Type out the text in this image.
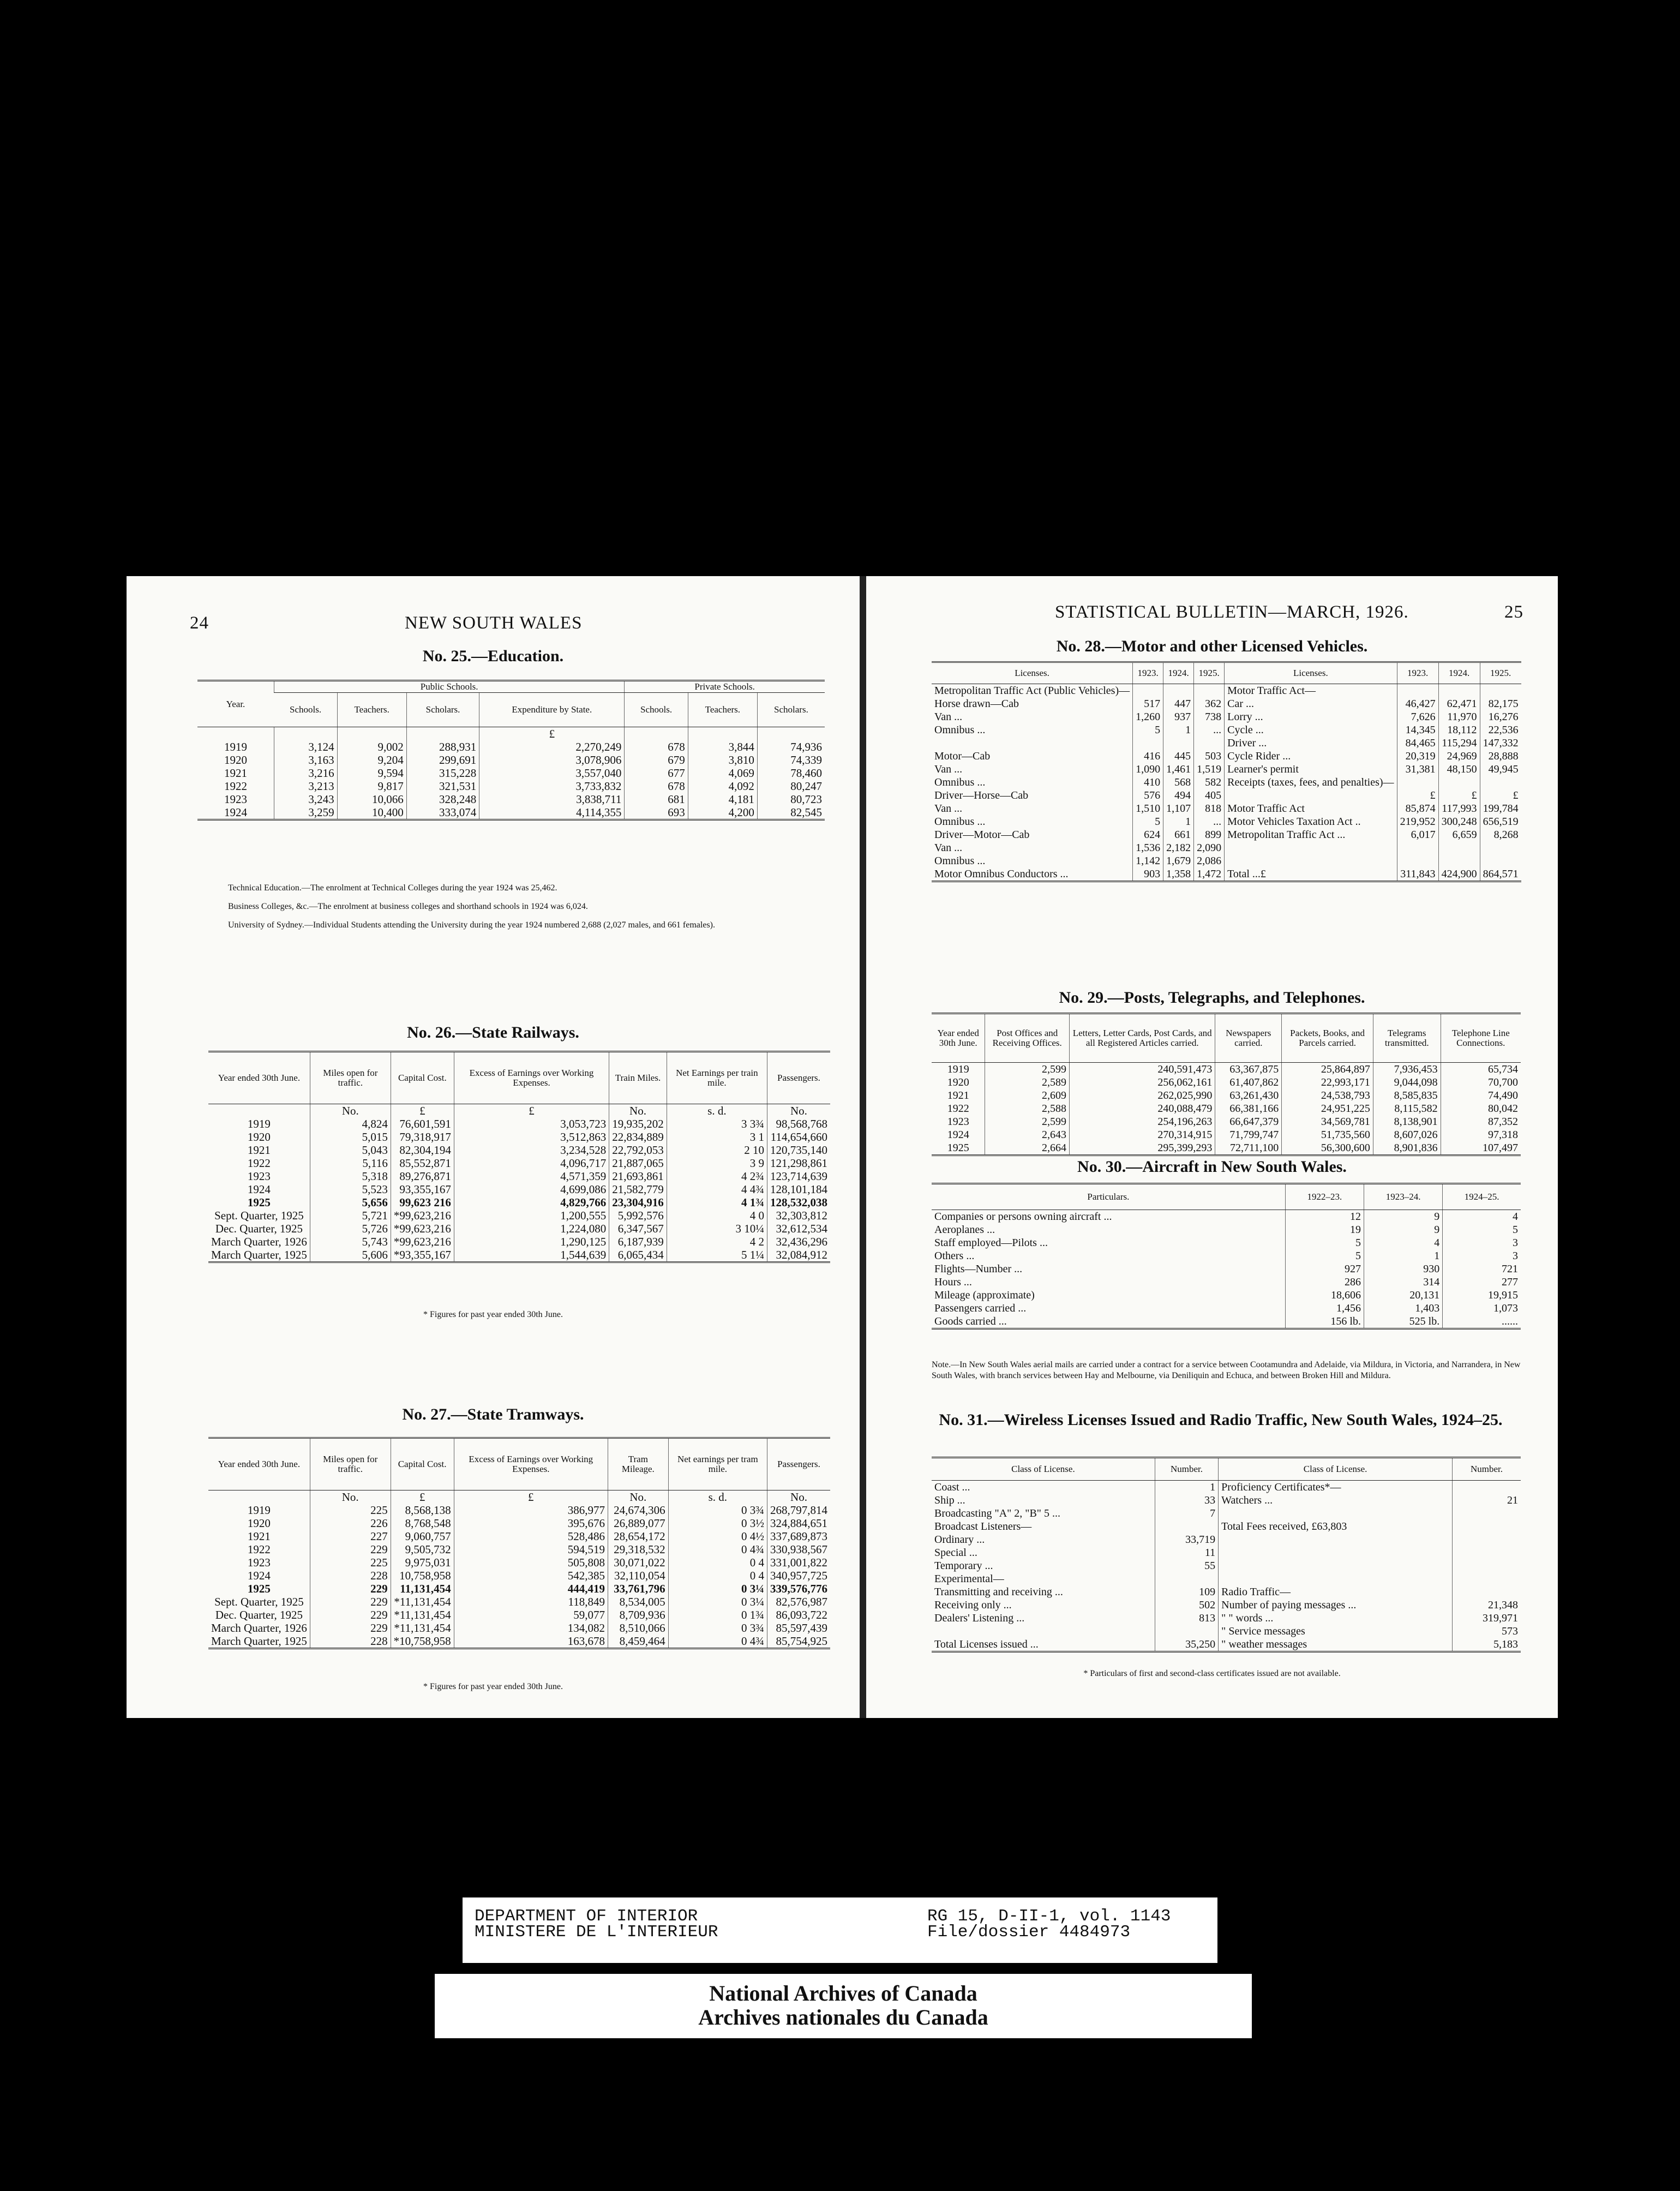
24	NEW SOUTH WALES
No. 25.—Education.
Year.	Public Schools.				Private Schools.		
	Schools.	Teachers.	Scholars.	Expenditure by State.	Schools.	Teachers.	Scholars.
				£			
1919	3,124	9,002	288,931	2,270,249	678	3,844	74,936
1920	3,163	9,204	299,691	3,078,906	679	3,810	74,339
1921	3,216	9,594	315,228	3,557,040	677	4,069	78,460
1922	3,213	9,817	321,531	3,733,832	678	4,092	80,247
1923	3,243	10,066	328,248	3,838,711	681	4,181	80,723
1924	3,259	10,400	333,074	4,114,355	693	4,200	82,545
Technical Education.—The enrolment at Technical Colleges during the year 1924 was 25,462.
Business Colleges, &c.—The enrolment at business colleges and shorthand schools in 1924 was 6,024.
University of Sydney.—Individual Students attending the University during the year 1924 numbered 2,688 (2,027 males, and 661 females).
No. 26.—State Railways.
Year ended 30th June.	Miles open for traffic.	Capital Cost.	Excess of Earnings over Working Expenses.	Train Miles.	Net Earnings per train mile.	Passengers.
	No.	£	£	No.	s. d.	No.
1919	4,824	76,601,591	3,053,723	19,935,202	3 3¾	98,568,768
1920	5,015	79,318,917	3,512,863	22,834,889	3 1	114,654,660
1921	5,043	82,304,194	3,234,528	22,792,053	2 10	120,735,140
1922	5,116	85,552,871	4,096,717	21,887,065	3 9	121,298,861
1923	5,318	89,276,871	4,571,359	21,693,861	4 2¾	123,714,639
1924	5,523	93,355,167	4,699,086	21,582,779	4 4¾	128,101,184
1925	5,656	99,623 216	4,829,766	23,304,916	4 1¾	128,532,038
Sept. Quarter, 1925	5,721	*99,623,216	1,200,555	5,992,576	4 0	32,303,812
Dec. Quarter, 1925	5,726	*99,623,216	1,224,080	6,347,567	3 10¼	32,612,534
March Quarter, 1926	5,743	*99,623,216	1,290,125	6,187,939	4 2	32,436,296
March Quarter, 1925	5,606	*93,355,167	1,544,639	6,065,434	5 1¼	32,084,912
* Figures for past year ended 30th June.
No. 27.—State Tramways.
Year ended 30th June.	Miles open for traffic.	Capital Cost.	Excess of Earnings over Working Expenses.	Tram Mileage.	Net earnings per tram mile.	Passengers.
	No.	£	£	No.	s. d.	No.
1919	225	8,568,138	386,977	24,674,306	0 3¾	268,797,814
1920	226	8,768,548	395,676	26,889,077	0 3½	324,884,651
1921	227	9,060,757	528,486	28,654,172	0 4½	337,689,873
1922	229	9,505,732	594,519	29,318,532	0 4¾	330,938,567
1923	225	9,975,031	505,808	30,071,022	0 4	331,001,822
1924	228	10,758,958	542,385	32,110,054	0 4	340,957,725
1925	229	11,131,454	444,419	33,761,796	0 3¼	339,576,776
Sept. Quarter, 1925	229	*11,131,454	118,849	8,534,005	0 3¼	82,576,987
Dec. Quarter, 1925	229	*11,131,454	59,077	8,709,936	0 1¾	86,093,722
March Quarter, 1926	229	*11,131,454	134,082	8,510,066	0 3¾	85,597,439
March Quarter, 1925	228	*10,758,958	163,678	8,459,464	0 4¾	85,754,925
* Figures for past year ended 30th June.
STATISTICAL BULLETIN—MARCH, 1926.	25
No. 28.—Motor and other Licensed Vehicles.
Licenses.	1923.	1924.	1925.	Licenses.	1923.	1924.	1925.
Metropolitan Traffic Act (Public Vehicles)—				Motor Traffic Act—			
Horse drawn—Cab	517	447	362	Car ...	46,427	62,471	82,175
Van ...	1,260	937	738	Lorry ...	7,626	11,970	16,276
Omnibus ...	5	1	...	Cycle ...	14,345	18,112	22,536
				Driver ...	84,465	115,294	147,332
Motor—Cab	416	445	503	Cycle Rider ...	20,319	24,969	28,888
Van ...	1,090	1,461	1,519	Learner's permit	31,381	48,150	49,945
Omnibus ...	410	568	582	Receipts (taxes, fees, and penalties)—			
Driver—Horse—Cab	576	494	405		£	£	£
Van ...	1,510	1,107	818	Motor Traffic Act	85,874	117,993	199,784
Omnibus ...	5	1	...	Motor Vehicles Taxation Act ..	219,952	300,248	656,519
Driver—Motor—Cab	624	661	899	Metropolitan Traffic Act ...	6,017	6,659	8,268
Van ...	1,536	2,182	2,090				
Omnibus ...	1,142	1,679	2,086				
Motor Omnibus Conductors ...	903	1,358	1,472	Total ...£	311,843	424,900	864,571
No. 29.—Posts, Telegraphs, and Telephones.
Year ended 30th June.	Post Offices and Receiving Offices.	Letters, Letter Cards, Post Cards, and all Registered Articles carried.	Newspapers carried.	Packets, Books, and Parcels carried.	Telegrams transmitted.	Telephone Line Connections.
1919	2,599	240,591,473	63,367,875	25,864,897	7,936,453	65,734
1920	2,589	256,062,161	61,407,862	22,993,171	9,044,098	70,700
1921	2,609	262,025,990	63,261,430	24,538,793	8,585,835	74,490
1922	2,588	240,088,479	66,381,166	24,951,225	8,115,582	80,042
1923	2,599	254,196,263	66,647,379	34,569,781	8,138,901	87,352
1924	2,643	270,314,915	71,799,747	51,735,560	8,607,026	97,318
1925	2,664	295,399,293	72,711,100	56,300,600	8,901,836	107,497
No. 30.—Aircraft in New South Wales.
Particulars.	1922–23.	1923–24.	1924–25.
Companies or persons owning aircraft ...	12	9	4
Aeroplanes ...	19	9	5
Staff employed—Pilots ...	5	4	3
Others ...	5	1	3
Flights—Number ...	927	930	721
Hours ...	286	314	277
Mileage (approximate)	18,606	20,131	19,915
Passengers carried ...	1,456	1,403	1,073
Goods carried ...	156 lb.	525 lb.	......
Note.—In New South Wales aerial mails are carried under a contract for a service between Cootamundra and Adelaide, via Mildura, in Victoria, and Narrandera, in New South Wales, with branch services between Hay and Melbourne, via Deniliquin and Echuca, and between Broken Hill and Mildura.
No. 31.—Wireless Licenses Issued and Radio Traffic, New South Wales, 1924–25.
Class of License.	Number.	Class of License.	Number.
Coast ...	1	Proficiency Certificates*—	
Ship ...	33	Watchers ...	21
Broadcasting "A" 2, "B" 5 ...	7		
Broadcast Listeners—		Total Fees received, £63,803	
Ordinary ...	33,719		
Special ...	11		
Temporary ...	55		
Experimental—			
Transmitting and receiving ...	109	Radio Traffic—	
Receiving only ...	502	Number of paying messages ...	21,348
Dealers' Listening ...	813	" " words ...	319,971
		" Service messages	573
Total Licenses issued ...	35,250	" weather messages	5,183
* Particulars of first and second-class certificates issued are not available.
DEPARTMENT OF INTERIOR
MINISTERE DE L'INTERIEUR
RG 15, D-II-1, vol. 1143
File/dossier 4484973
National Archives of Canada
Archives nationales du Canada
